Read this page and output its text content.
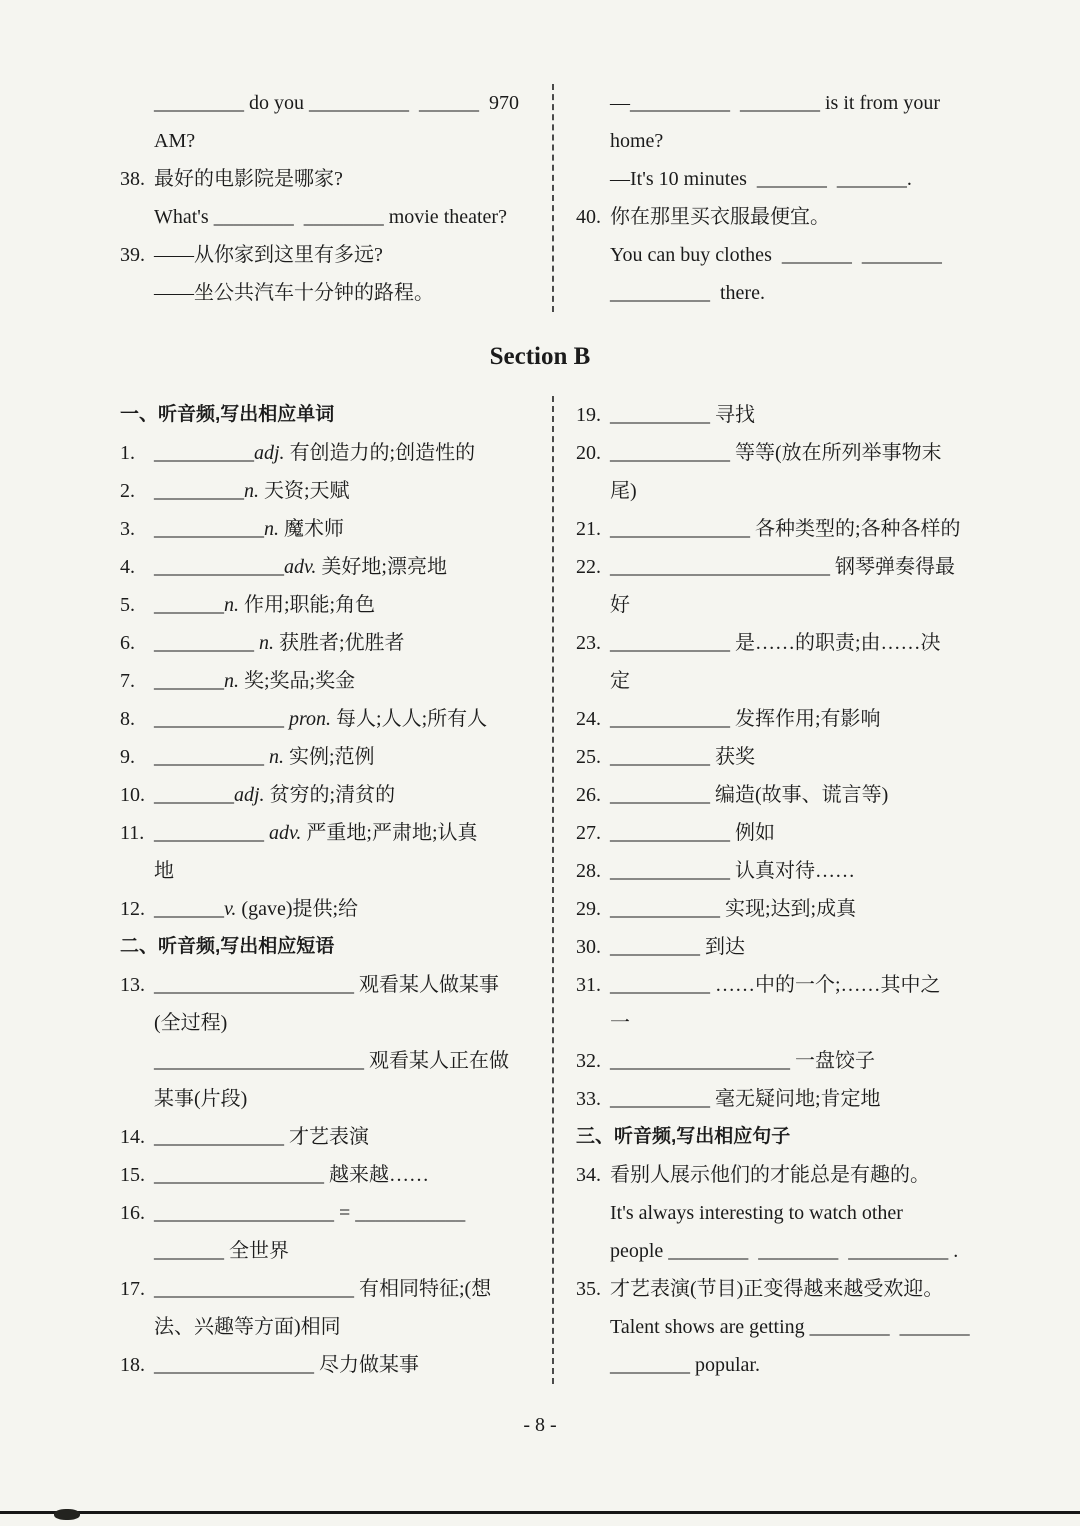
_________ do you __________  ______  970
AM?
38. 最好的电影院是哪家?
What's ________  ________ movie theater?
39. ——从你家到这里有多远?
——坐公共汽车十分钟的路程。
—__________  ________ is it from your
home?
—It's 10 minutes  _______  _______.
40. 你在那里买衣服最便宜。
You can buy clothes  _______  ________
__________  there.
Section B
一、听音频,写出相应单词
1. __________adj. 有创造力的;创造性的
2. _________n. 天资;天赋
3. ___________n. 魔术师
4. _____________adv. 美好地;漂亮地
5. _______n. 作用;职能;角色
6. __________ n. 获胜者;优胜者
7. _______n. 奖;奖品;奖金
8. _____________ pron. 每人;人人;所有人
9. ___________ n. 实例;范例
10. ________adj. 贫穷的;清贫的
11. ___________ adv. 严重地;严肃地;认真
地
12. _______v. (gave)提供;给
二、听音频,写出相应短语
13. ____________________ 观看某人做某事
(全过程)
_____________________ 观看某人正在做
某事(片段)
14. _____________ 才艺表演
15. _________________ 越来越……
16. __________________ = ___________
_______ 全世界
17. ____________________ 有相同特征;(想
法、兴趣等方面)相同
18. ________________ 尽力做某事
19. __________ 寻找
20. ____________ 等等(放在所列举事物末
尾)
21. ______________ 各种类型的;各种各样的
22. ______________________ 钢琴弹奏得最
好
23. ____________ 是……的职责;由……决
定
24. ____________ 发挥作用;有影响
25. __________ 获奖
26. __________ 编造(故事、谎言等)
27. ____________ 例如
28. ____________ 认真对待……
29. ___________ 实现;达到;成真
30. _________ 到达
31. __________ ……中的一个;……其中之
一
32. __________________ 一盘饺子
33. __________ 毫无疑问地;肯定地
三、听音频,写出相应句子
34. 看别人展示他们的才能总是有趣的。
It's always interesting to watch other
people ________  ________  __________ .
35. 才艺表演(节目)正变得越来越受欢迎。
Talent shows are getting ________  _______
________ popular.
- 8 -
